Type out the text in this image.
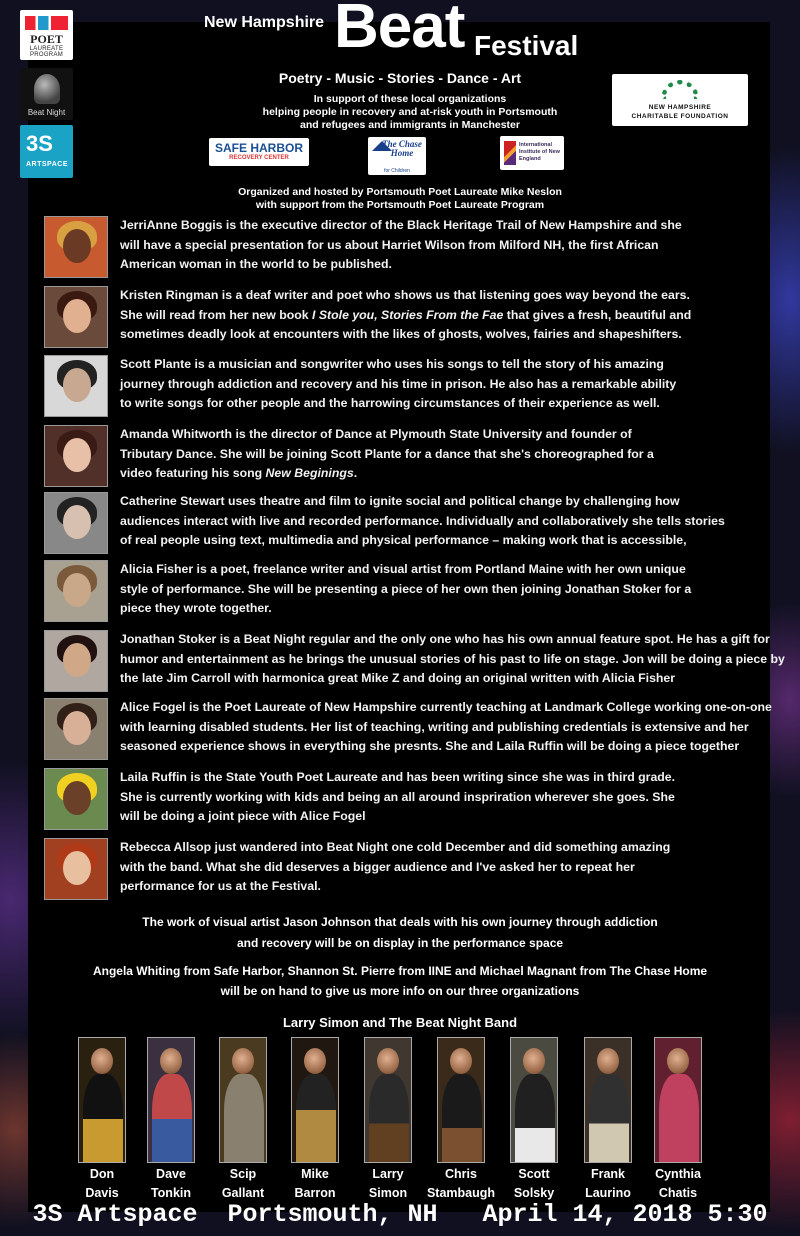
POET
LAUREATE PROGRAM
Beat Night
3S
ARTSPACE
New Hampshire Beat Festival
Poetry - Music - Stories - Dance - Art
In support of these local organizations
helping people in recovery and at-risk youth in Portsmouth
and refugees and immigrants in Manchester
NEW HAMPSHIRE
CHARITABLE FOUNDATION
SAFE HARBOR
RECOVERY CENTER
The Chase Home
for Children
International Institute of New England
Organized and hosted by Portsmouth Poet Laureate Mike Neslon
with support from the Portsmouth Poet Laureate Program
JerriAnne Boggis is the executive director of the Black Heritage Trail of New Hampshire and she
will have a special presentation for us about Harriet Wilson from Milford NH, the first African
American woman in the world to be published.
Kristen Ringman is a deaf writer and poet who shows us that listening goes way beyond the ears.
She will read from her new book I Stole you, Stories From the Fae that gives a fresh, beautiful and
sometimes deadly look at encounters with the likes of ghosts, wolves, fairies and shapeshifters.
Scott Plante is a musician and songwriter who uses his songs to tell the story of his amazing
journey through addiction and recovery and his time in prison. He also has a remarkable ability
to write songs for other people and the harrowing circumstances of their experience as well.
Amanda Whitworth is the director of Dance at Plymouth State University and founder of
Tributary Dance. She will be joining Scott Plante for a dance that she's choreographed for a
video featuring his song New Beginings.
Catherine Stewart uses theatre and film to ignite social and political change by challenging how
audiences interact with live and recorded performance. Individually and collaboratively she tells stories
of real people using text, multimedia and physical performance – making work that is accessible,
Alicia Fisher is a poet, freelance writer and visual artist from Portland Maine with her own unique
style of performance. She will be presenting a piece of her own then joining Jonathan Stoker for a
piece they wrote together.
Jonathan Stoker is a Beat Night regular and the only one who has his own annual feature spot. He has a gift for
humor and entertainment as he brings the unusual stories of his past to life on stage. Jon will be doing a piece by
the late Jim Carroll with harmonica great Mike Z and doing an original written with Alicia Fisher
Alice Fogel is the Poet Laureate of New Hampshire currently teaching at Landmark College working one-on-one
with learning disabled students. Her list of teaching, writing and publishing credentials is extensive and her
seasoned experience shows in everything she presnts. She and Laila Ruffin will be doing a piece together
Laila Ruffin is the State Youth Poet Laureate and has been writing since she was in third grade.
She is currently working with kids and being an all around inspriration wherever she goes. She
will be doing a joint piece with Alice Fogel
Rebecca Allsop just wandered into Beat Night one cold December and did something amazing
with the band. What she did deserves a bigger audience and I've asked her to repeat her
performance for us at the Festival.
The work of visual artist Jason Johnson that deals with his own journey through addiction
and recovery will be on display in the performance space
Angela Whiting from Safe Harbor, Shannon St. Pierre from IINE and Michael Magnant from The Chase Home
will be on hand to give us more info on our three organizations
Larry Simon and The Beat Night Band
Don
Davis
Dave
Tonkin
Scip
Gallant
Mike
Barron
Larry
Simon
Chris
Stambaugh
Scott
Solsky
Frank
Laurino
Cynthia
Chatis
3S Artspace  Portsmouth, NH   April 14, 2018 5:30
